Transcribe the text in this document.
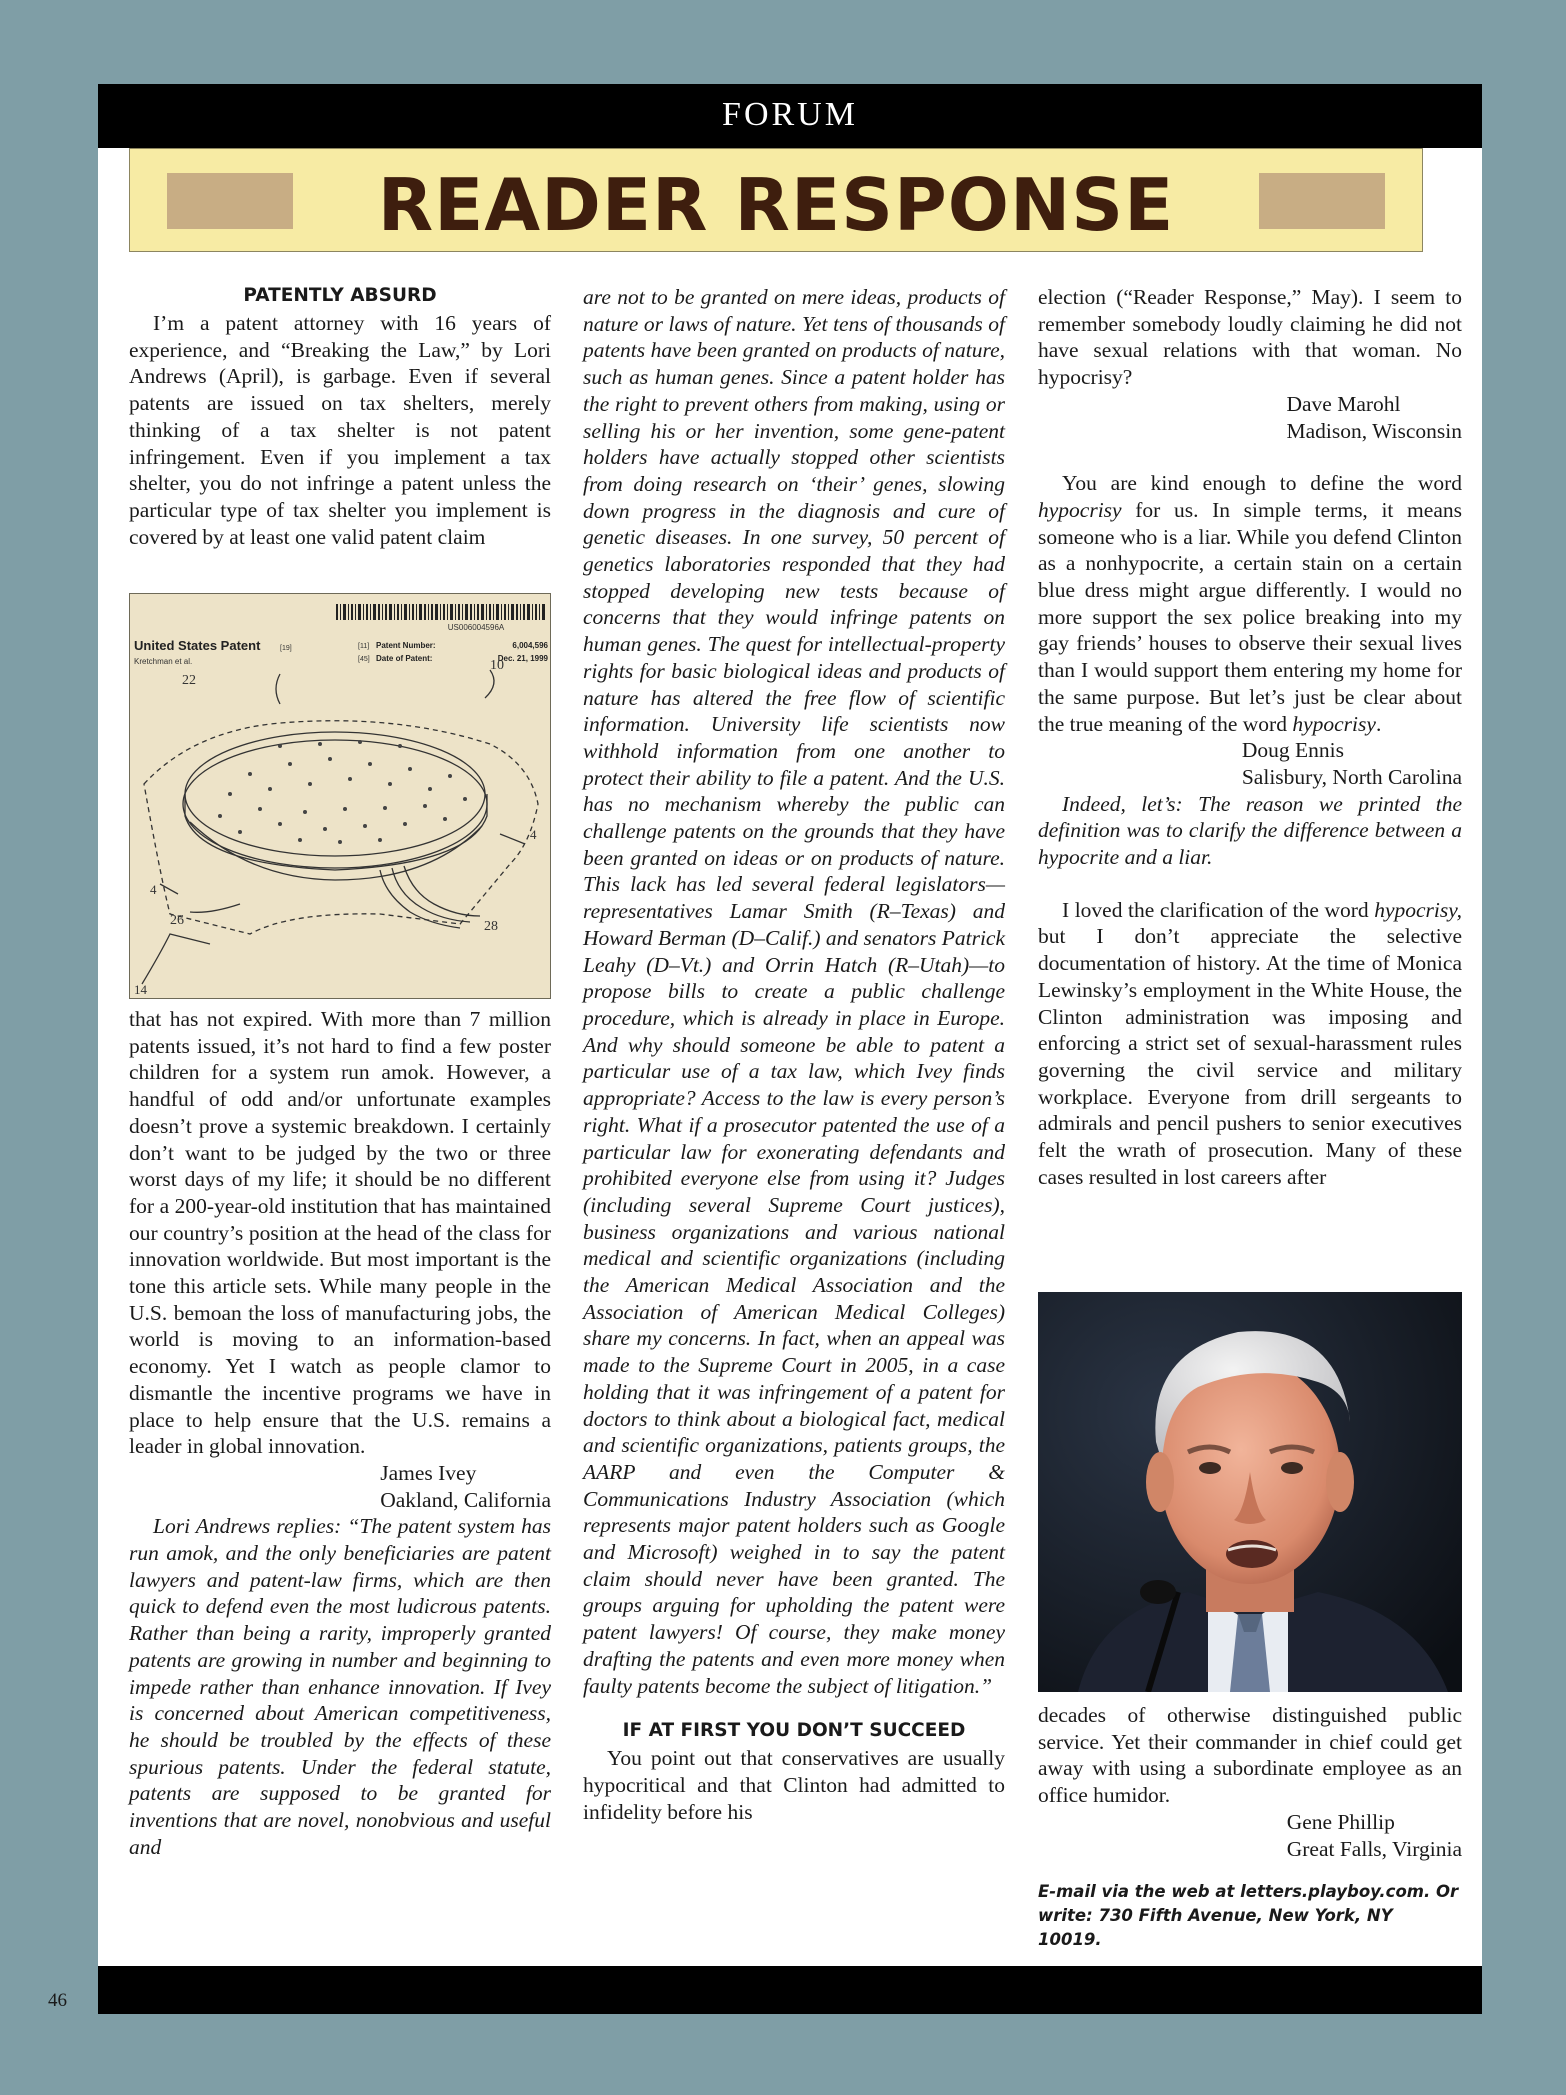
FORUM
READER RESPONSE
PATENTLY ABSURD

I’m a patent attorney with 16 years of experience, and “Breaking the Law,” by Lori Andrews (April), is garbage. Even if several patents are issued on tax shelters, merely thinking of a tax shelter is not patent infringement. Even if you implement a tax shelter, you do not infringe a patent unless the particular type of tax shelter you implement is covered by at least one valid patent claim

US006004596A
United States Patent	[19]
Kretchman et al.
[11] Patent Number:	6,004,596
[45] Date of Patent:	Dec. 21, 1999
22
10
4
4
26	28
14

that has not expired. With more than 7 million patents issued, it’s not hard to find a few poster children for a system run amok. However, a handful of odd and/or unfortunate examples doesn’t prove a systemic breakdown. I certainly don’t want to be judged by the two or three worst days of my life; it should be no different for a 200-year-old institution that has maintained our country’s position at the head of the class for innovation worldwide. But most important is the tone this article sets. While many people in the U.S. bemoan the loss of manufacturing jobs, the world is moving to an information-based economy. Yet I watch as people clamor to dismantle the incentive programs we have in place to help ensure that the U.S. remains a leader in global innovation.

James Ivey
Oakland, California

Lori Andrews replies: “The patent system has run amok, and the only beneficiaries are patent lawyers and patent-law firms, which are then quick to defend even the most ludicrous patents. Rather than being a rarity, improperly granted patents are growing in number and beginning to impede rather than enhance innovation. If Ivey is concerned about American competitiveness, he should be troubled by the effects of these spurious patents. Under the federal statute, patents are supposed to be granted for inventions that are novel, nonobvious and useful and

are not to be granted on mere ideas, products of nature or laws of nature. Yet tens of thousands of patents have been granted on products of nature, such as human genes. Since a patent holder has the right to prevent others from making, using or selling his or her invention, some gene-patent holders have actually stopped other scientists from doing research on ‘their’ genes, slowing down progress in the diagnosis and cure of genetic diseases. In one survey, 50 percent of genetics laboratories responded that they had stopped developing new tests because of concerns that they would infringe patents on human genes. The quest for intellectual-property rights for basic biological ideas and products of nature has altered the free flow of scientific information. University life scientists now withhold information from one another to protect their ability to file a patent. And the U.S. has no mechanism whereby the public can challenge patents on the grounds that they have been granted on ideas or on products of nature. This lack has led several federal legislators—representatives Lamar Smith (R–Texas) and Howard Berman (D–Calif.) and senators Patrick Leahy (D–Vt.) and Orrin Hatch (R–Utah)—to propose bills to create a public challenge procedure, which is already in place in Europe. And why should someone be able to patent a particular use of a tax law, which Ivey finds appropriate? Access to the law is every person’s right. What if a prosecutor patented the use of a particular law for exonerating defendants and prohibited everyone else from using it? Judges (including several Supreme Court justices), business organizations and various national medical and scientific organizations (including the American Medical Association and the Association of American Medical Colleges) share my concerns. In fact, when an appeal was made to the Supreme Court in 2005, in a case holding that it was infringement of a patent for doctors to think about a biological fact, medical and scientific organizations, patients groups, the AARP and even the Computer & Communications Industry Association (which represents major patent holders such as Google and Microsoft) weighed in to say the patent claim should never have been granted. The groups arguing for upholding the patent were patent lawyers! Of course, they make money drafting the patents and even more money when faulty patents become the subject of litigation.”

IF AT FIRST YOU DON’T SUCCEED

You point out that conservatives are usually hypocritical and that Clinton had admitted to infidelity before his

election (“Reader Response,” May). I seem to remember somebody loudly claiming he did not have sexual relations with that woman. No hypocrisy?

Dave Marohl
Madison, Wisconsin

You are kind enough to define the word hypocrisy for us. In simple terms, it means someone who is a liar. While you defend Clinton as a nonhypocrite, a certain stain on a certain blue dress might argue differently. I would no more support the sex police breaking into my gay friends’ houses to observe their sexual lives than I would support them entering my home for the same purpose. But let’s just be clear about the true meaning of the word hypocrisy.

Doug Ennis
Salisbury, North Carolina

Indeed, let’s: The reason we printed the definition was to clarify the difference between a hypocrite and a liar.

I loved the clarification of the word hypocrisy, but I don’t appreciate the selective documentation of history. At the time of Monica Lewinsky’s employment in the White House, the Clinton administration was imposing and enforcing a strict set of sexual-harassment rules governing the civil service and military workplace. Everyone from drill sergeants to admirals and pencil pushers to senior executives felt the wrath of prosecution. Many of these cases resulted in lost careers after

decades of otherwise distinguished public service. Yet their commander in chief could get away with using a subordinate employee as an office humidor.

Gene Phillip
Great Falls, Virginia

E-mail via the web at letters.playboy.com. Or write: 730 Fifth Avenue, New York, NY 10019.

46
